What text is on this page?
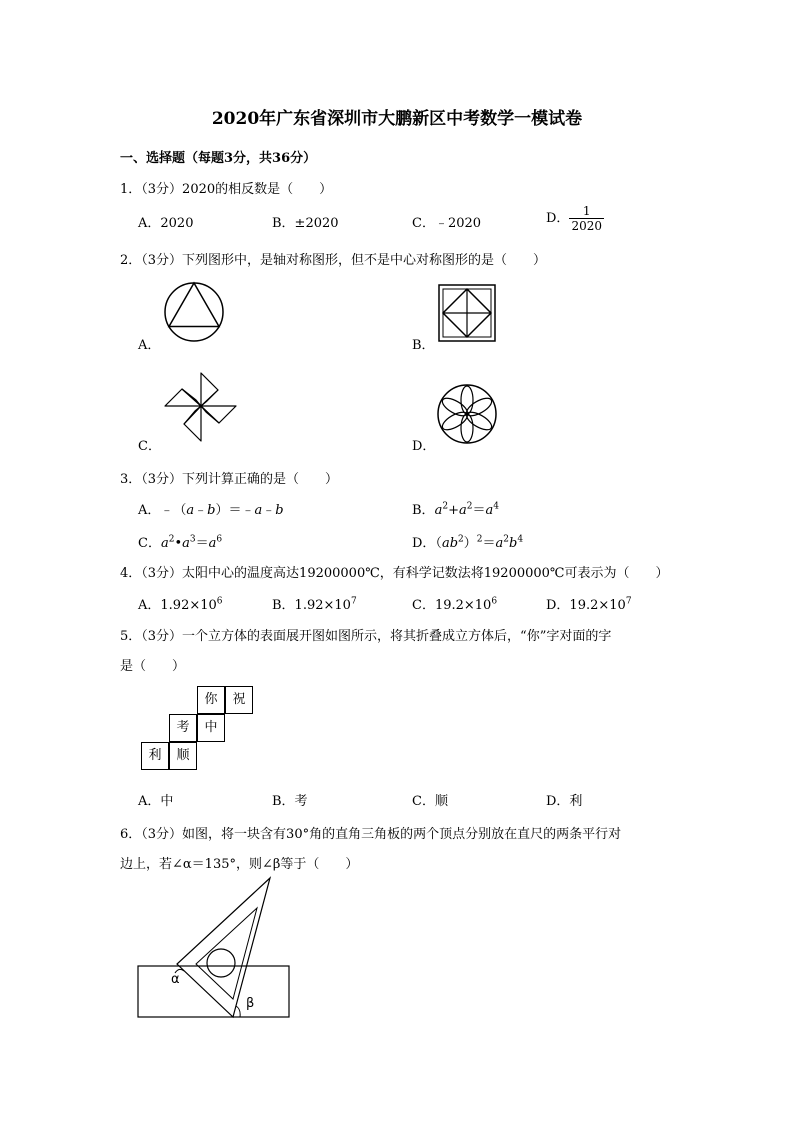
2020年广东省深圳市大鹏新区中考数学一模试卷
一、选择题（每题3分，共36分）
1．（3分）2020的相反数是（　　）
A．2020	B．±2020	C．﹣2020	D． $\frac{1}{2020}$
2．（3分）下列图形中，是轴对称图形，但不是中心对称图形的是（　　）
A．	B．
C．	D．
3．（3分）下列计算正确的是（　　）
A．﹣（a﹣b）＝﹣a﹣b	B．$a^2+a^2=a^4$
C．$a^2•a^3=a^6$	D．$(ab^2)^2=a^2b^4$
4．（3分）太阳中心的温度高达19200000℃，有科学记数法将19200000℃可表示为（　　）
A．$1.92\times 10^6$	B．$1.92\times 10^7$	C．$19.2\times 10^6$	D．$19.2\times 10^7$
5．（3分）一个立方体的表面展开图如图所示，将其折叠成立方体后，“你”字对面的字
是（　　）
你	祝
考	中
利	顺
A．中	B．考	C．顺	D．利
6．（3分）如图，将一块含有30°角的直角三角板的两个顶点分别放在直尺的两条平行对
边上，若∠α＝135°，则∠β等于（　　）
α
β
